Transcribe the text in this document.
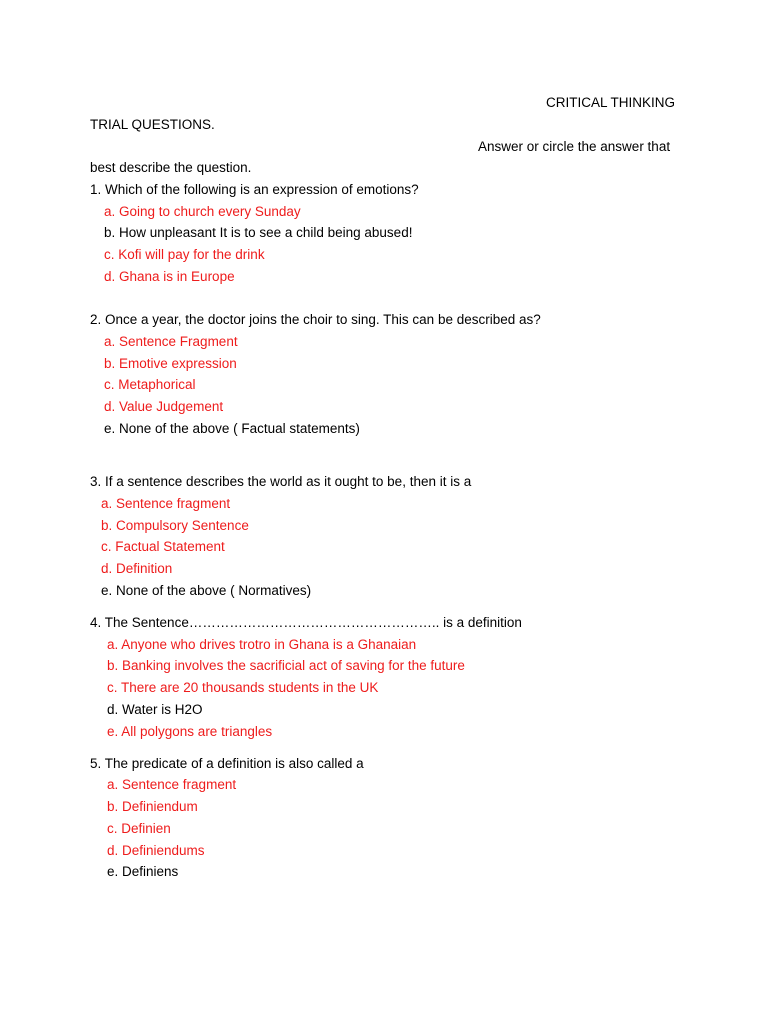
CRITICAL THINKING
TRIAL QUESTIONS.
Answer or circle the answer that
best describe the question.
1. Which of the following is an expression of emotions?
a. Going to church every Sunday
b. How unpleasant It is to see a child being abused!
c. Kofi will pay for the drink
d. Ghana is in Europe
2. Once a year, the doctor joins the choir to sing. This can be described as?
a. Sentence Fragment
b. Emotive expression
c. Metaphorical
d. Value Judgement
e. None of the above ( Factual statements)
3. If a sentence describes the world as it ought to be, then it is a
a. Sentence fragment
b. Compulsory Sentence
c. Factual Statement
d. Definition
e. None of the above ( Normatives)
4. The Sentence……………………………………………….. is a definition
a. Anyone who drives trotro in Ghana is a Ghanaian
b. Banking involves the sacrificial act of saving for the future
c. There are 20 thousands students in the UK
d. Water is H2O
e. All polygons are triangles
5. The predicate of a definition is also called a
a. Sentence fragment
b. Definiendum
c. Definien
d. Definiendums
e. Definiens
